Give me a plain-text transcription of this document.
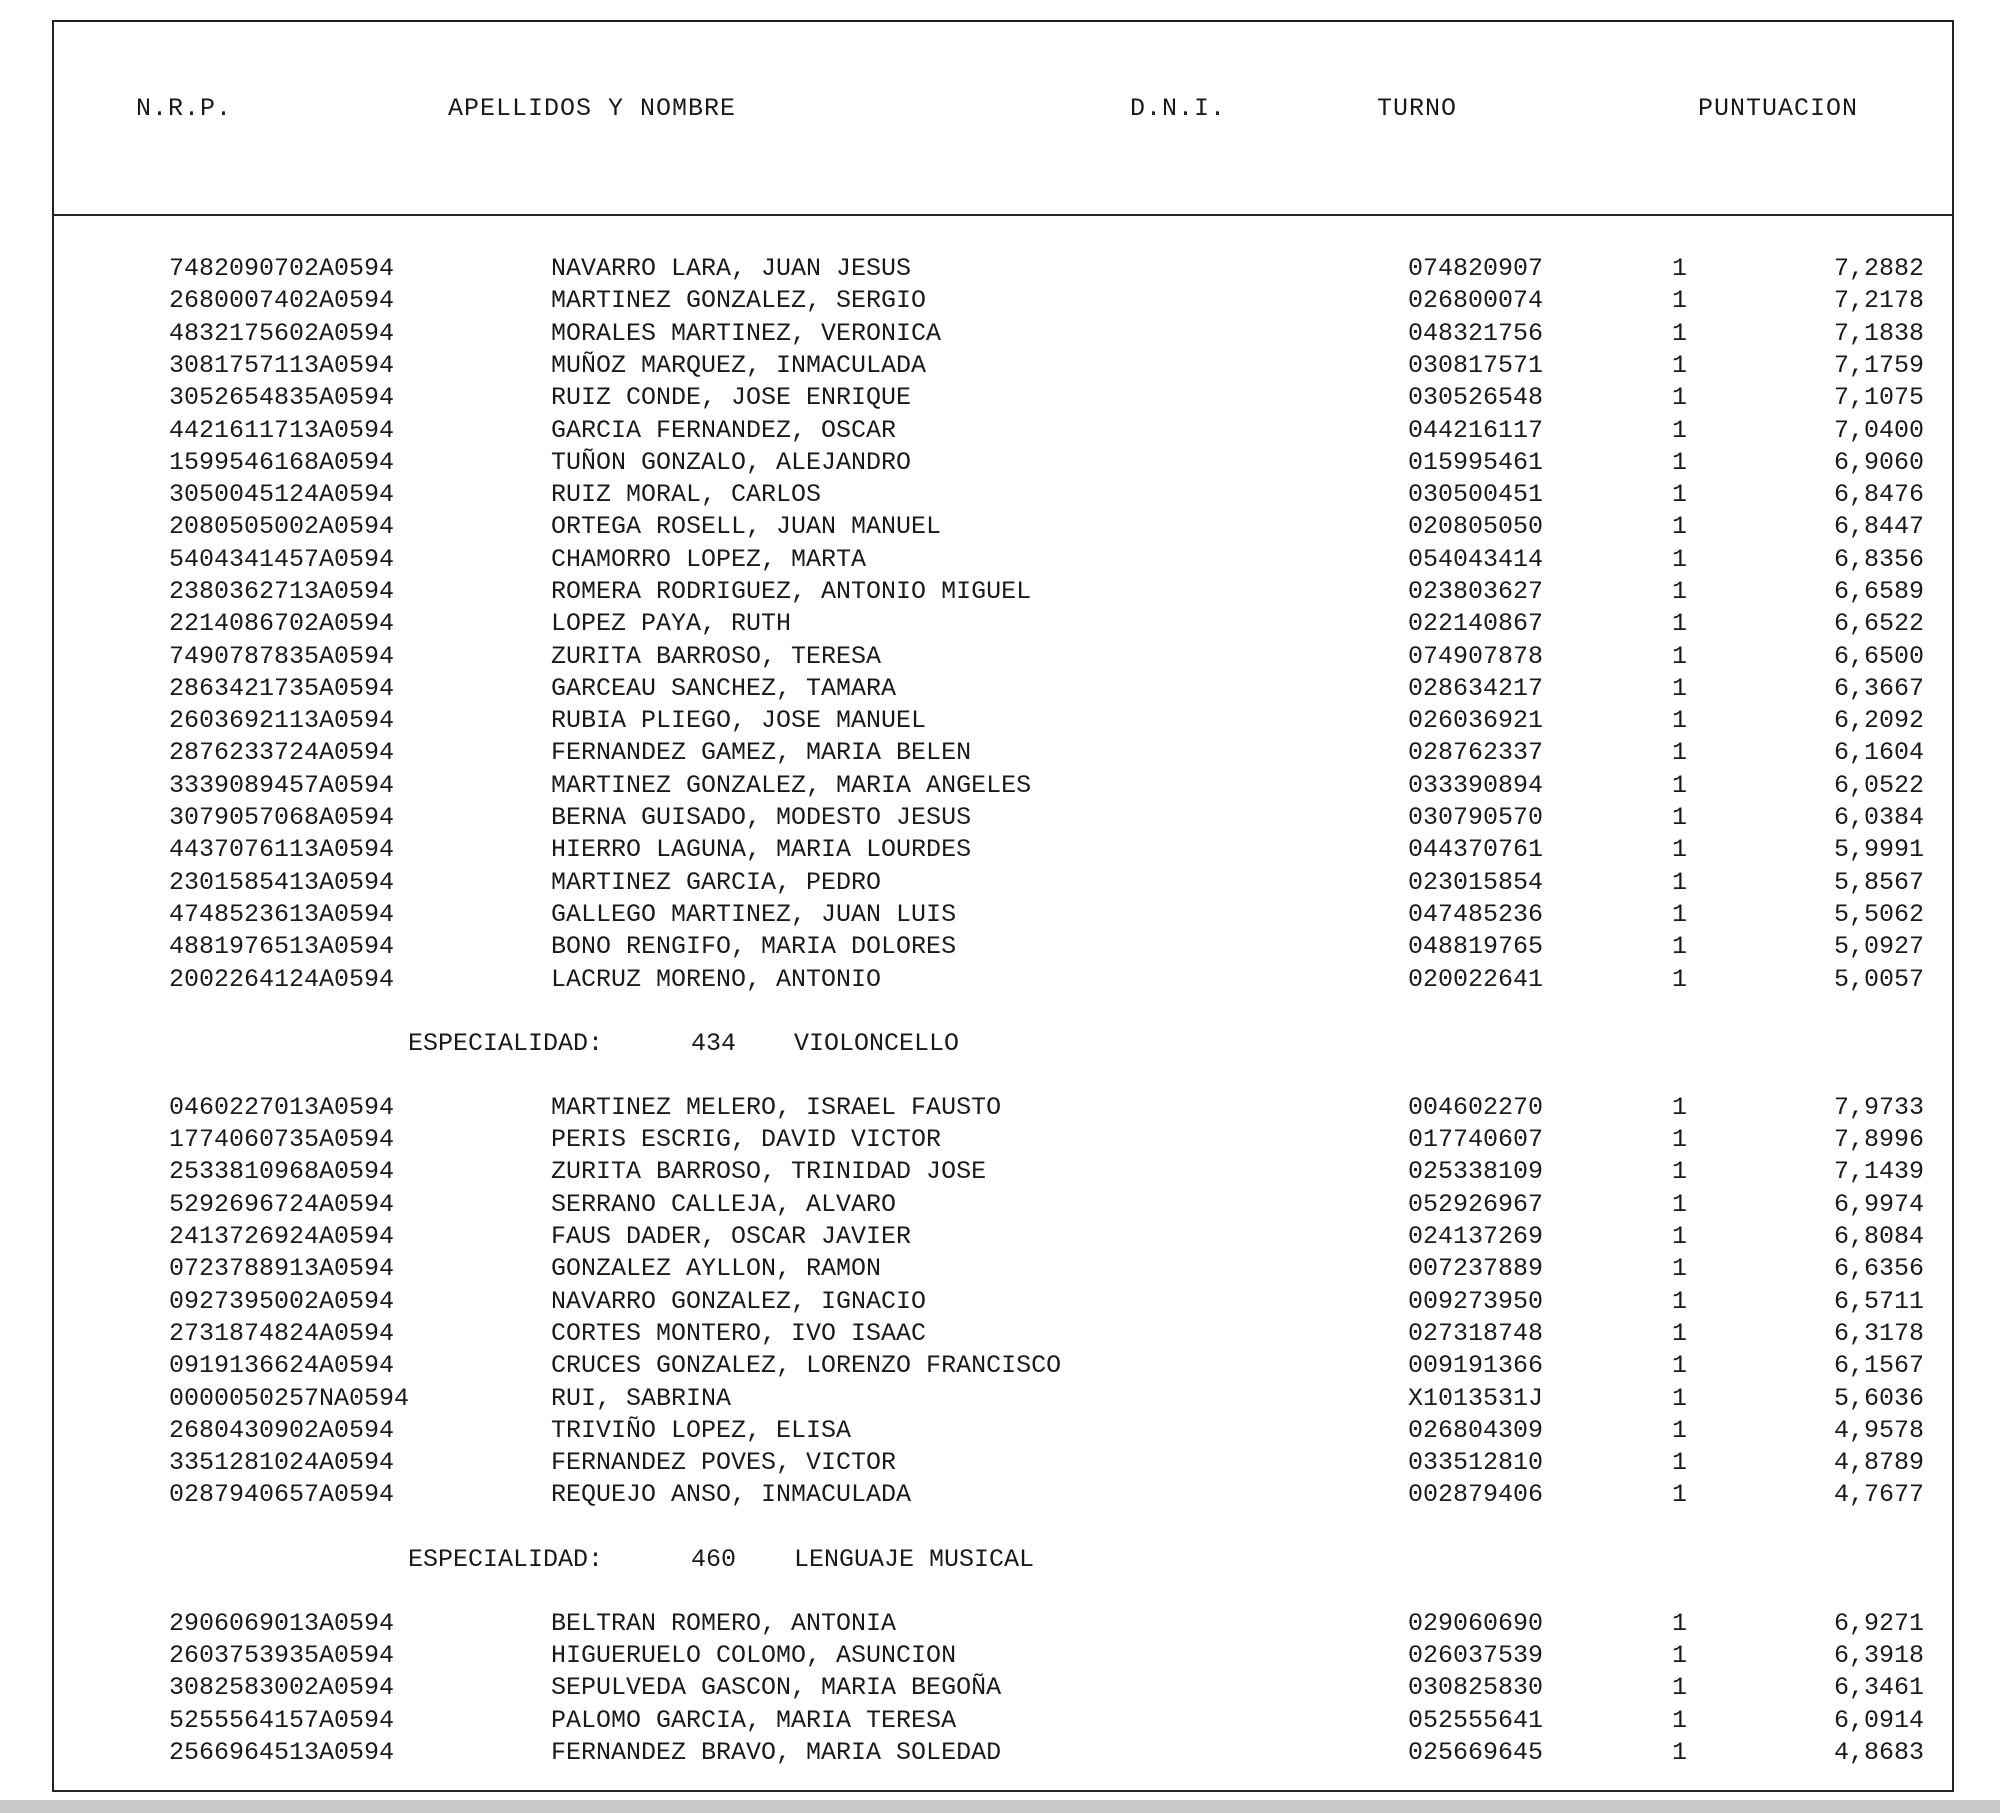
N.R.P.	APELLIDOS Y NOMBRE	D.N.I.	TURNO	PUNTUACION
7482090702A0594	NAVARRO LARA, JUAN JESUS	074820907	1	7,2882
2680007402A0594	MARTINEZ GONZALEZ, SERGIO	026800074	1	7,2178
4832175602A0594	MORALES MARTINEZ, VERONICA	048321756	1	7,1838
3081757113A0594	MUÑOZ MARQUEZ, INMACULADA	030817571	1	7,1759
3052654835A0594	RUIZ CONDE, JOSE ENRIQUE	030526548	1	7,1075
4421611713A0594	GARCIA FERNANDEZ, OSCAR	044216117	1	7,0400
1599546168A0594	TUÑON GONZALO, ALEJANDRO	015995461	1	6,9060
3050045124A0594	RUIZ MORAL, CARLOS	030500451	1	6,8476
2080505002A0594	ORTEGA ROSELL, JUAN MANUEL	020805050	1	6,8447
5404341457A0594	CHAMORRO LOPEZ, MARTA	054043414	1	6,8356
2380362713A0594	ROMERA RODRIGUEZ, ANTONIO MIGUEL	023803627	1	6,6589
2214086702A0594	LOPEZ PAYA, RUTH	022140867	1	6,6522
7490787835A0594	ZURITA BARROSO, TERESA	074907878	1	6,6500
2863421735A0594	GARCEAU SANCHEZ, TAMARA	028634217	1	6,3667
2603692113A0594	RUBIA PLIEGO, JOSE MANUEL	026036921	1	6,2092
2876233724A0594	FERNANDEZ GAMEZ, MARIA BELEN	028762337	1	6,1604
3339089457A0594	MARTINEZ GONZALEZ, MARIA ANGELES	033390894	1	6,0522
3079057068A0594	BERNA GUISADO, MODESTO JESUS	030790570	1	6,0384
4437076113A0594	HIERRO LAGUNA, MARIA LOURDES	044370761	1	5,9991
2301585413A0594	MARTINEZ GARCIA, PEDRO	023015854	1	5,8567
4748523613A0594	GALLEGO MARTINEZ, JUAN LUIS	047485236	1	5,5062
4881976513A0594	BONO RENGIFO, MARIA DOLORES	048819765	1	5,0927
2002264124A0594	LACRUZ MORENO, ANTONIO	020022641	1	5,0057
ESPECIALIDAD:	434 VIOLONCELLO
0460227013A0594	MARTINEZ MELERO, ISRAEL FAUSTO	004602270	1	7,9733
1774060735A0594	PERIS ESCRIG, DAVID VICTOR	017740607	1	7,8996
2533810968A0594	ZURITA BARROSO, TRINIDAD JOSE	025338109	1	7,1439
5292696724A0594	SERRANO CALLEJA, ALVARO	052926967	1	6,9974
2413726924A0594	FAUS DADER, OSCAR JAVIER	024137269	1	6,8084
0723788913A0594	GONZALEZ AYLLON, RAMON	007237889	1	6,6356
0927395002A0594	NAVARRO GONZALEZ, IGNACIO	009273950	1	6,5711
2731874824A0594	CORTES MONTERO, IVO ISAAC	027318748	1	6,3178
0919136624A0594	CRUCES GONZALEZ, LORENZO FRANCISCO	009191366	1	6,1567
0000050257NA0594	RUI, SABRINA	X1013531J	1	5,6036
2680430902A0594	TRIVIÑO LOPEZ, ELISA	026804309	1	4,9578
3351281024A0594	FERNANDEZ POVES, VICTOR	033512810	1	4,8789
0287940657A0594	REQUEJO ANSO, INMACULADA	002879406	1	4,7677
ESPECIALIDAD:	460 LENGUAJE MUSICAL
2906069013A0594	BELTRAN ROMERO, ANTONIA	029060690	1	6,9271
2603753935A0594	HIGUERUELO COLOMO, ASUNCION	026037539	1	6,3918
3082583002A0594	SEPULVEDA GASCON, MARIA BEGOÑA	030825830	1	6,3461
5255564157A0594	PALOMO GARCIA, MARIA TERESA	052555641	1	6,0914
2566964513A0594	FERNANDEZ BRAVO, MARIA SOLEDAD	025669645	1	4,8683
